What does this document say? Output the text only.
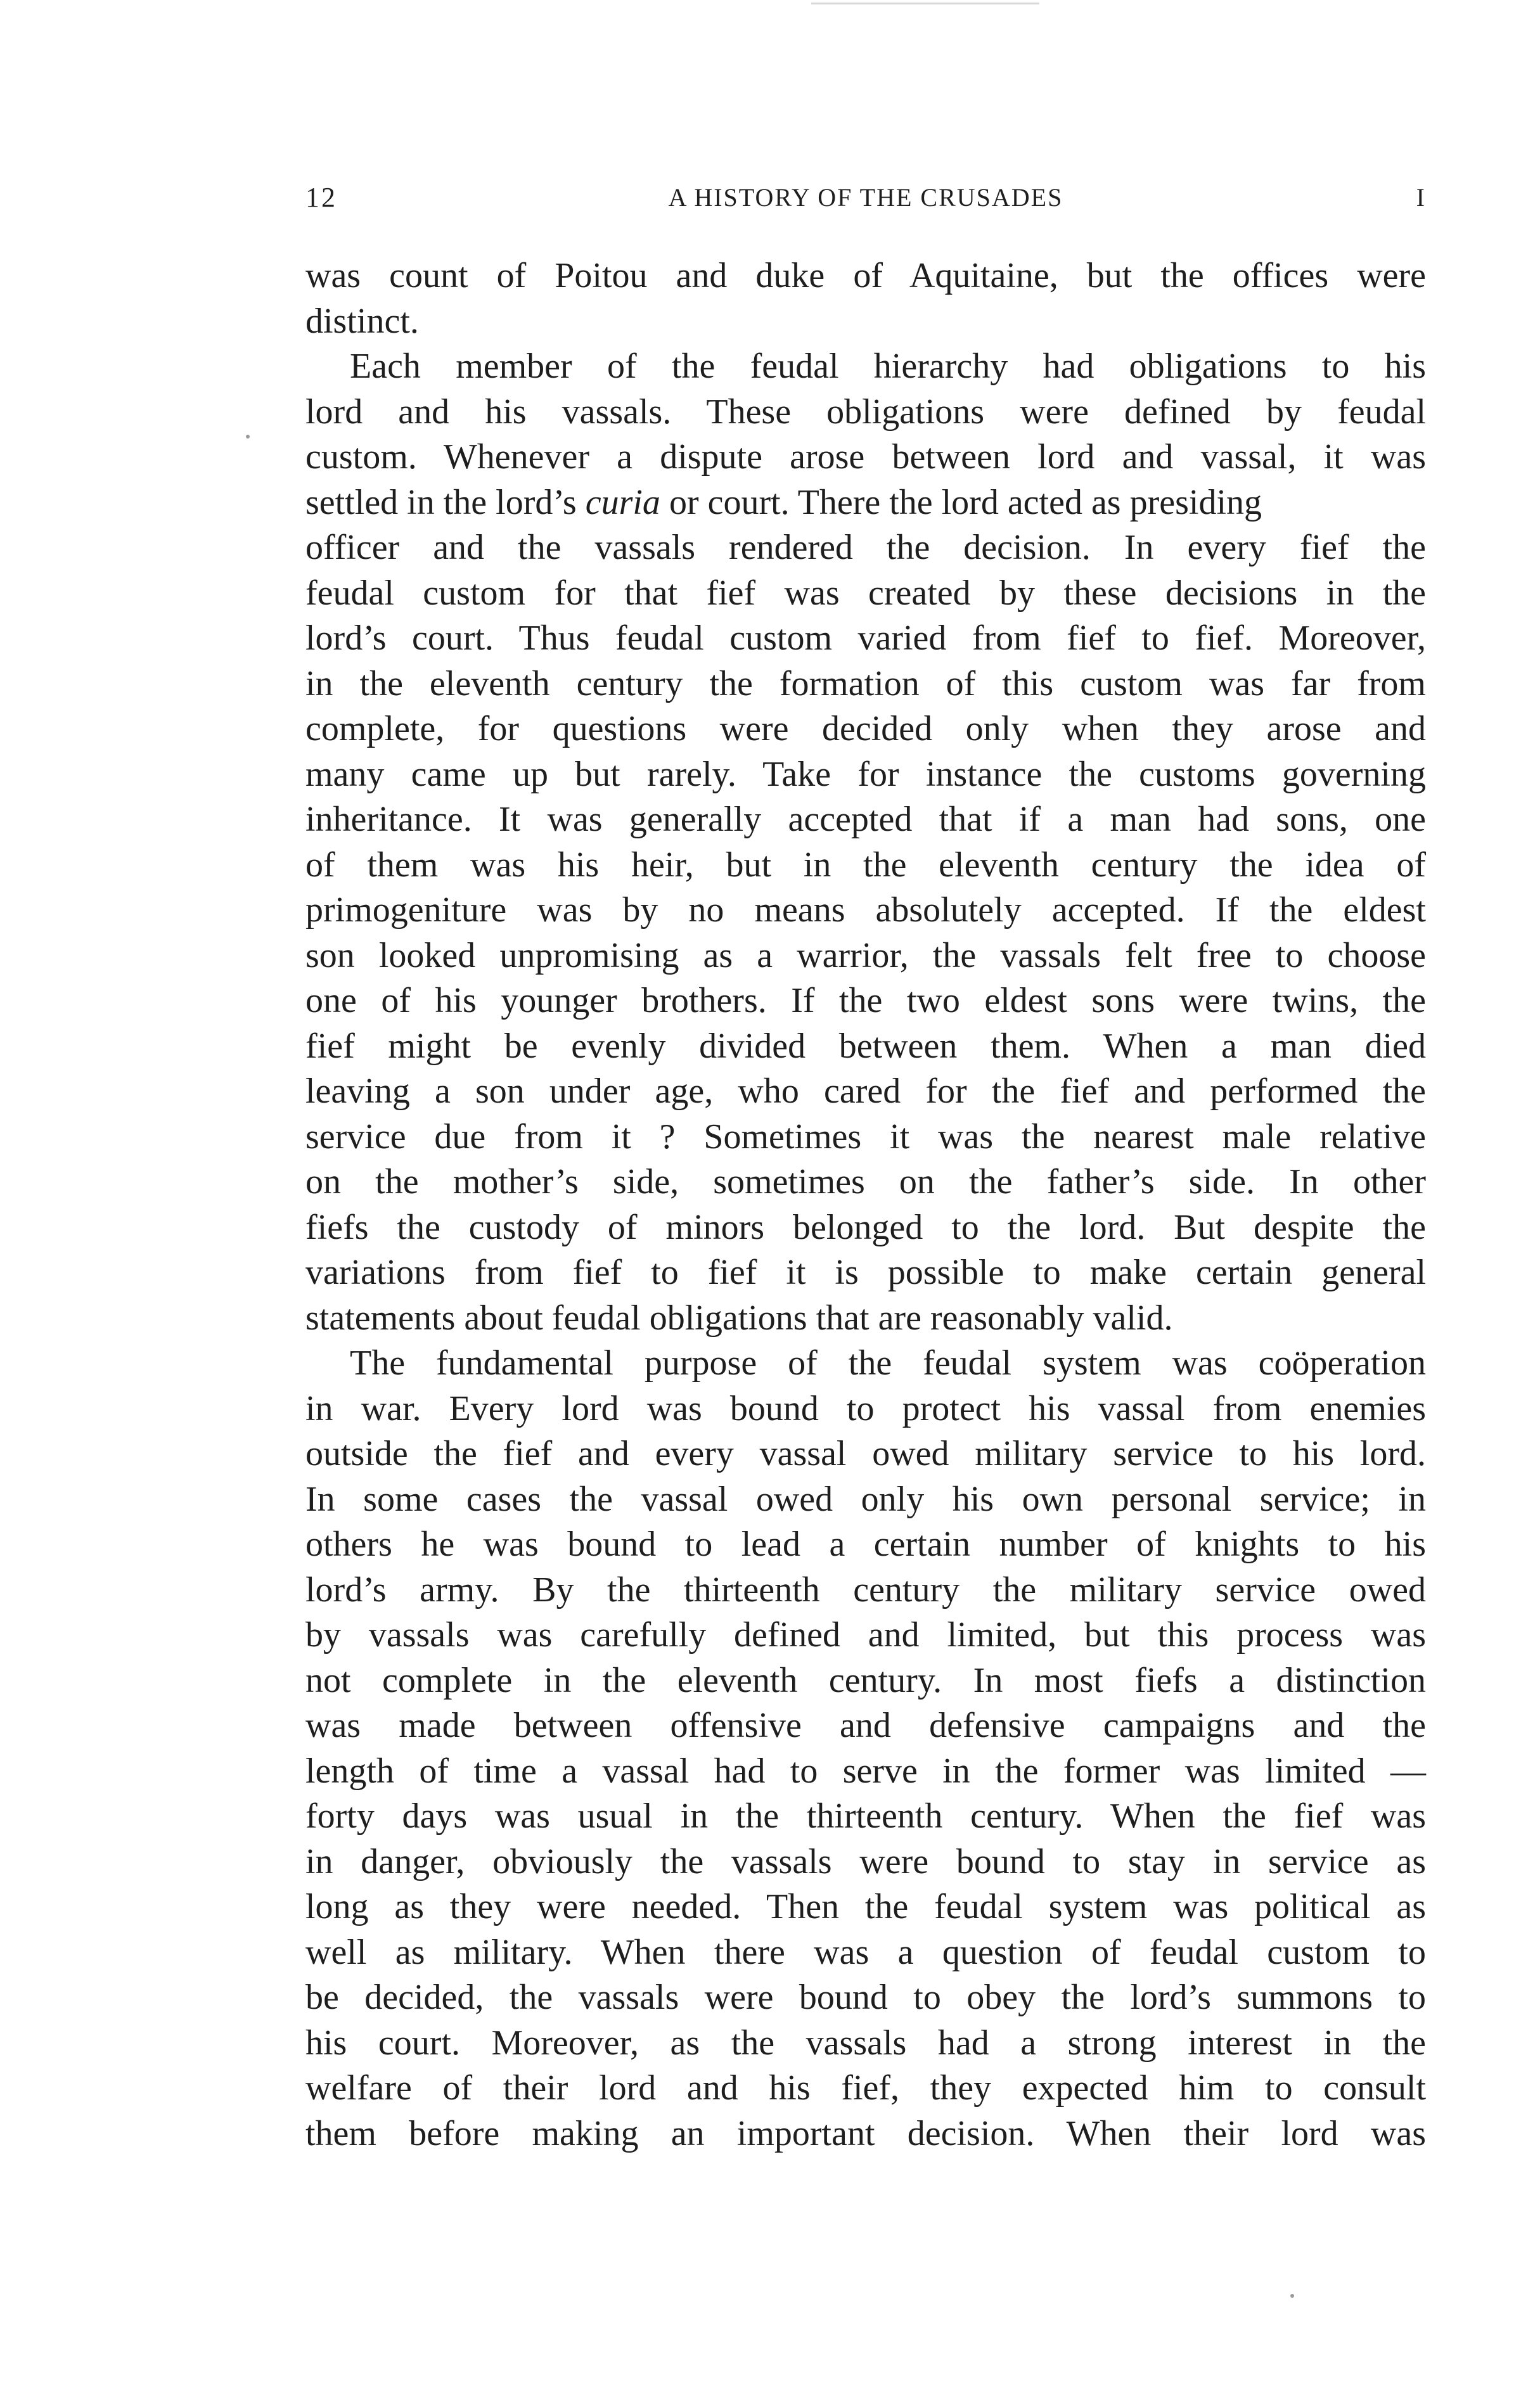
12	A HISTORY OF THE CRUSADES	I
was count of Poitou and duke of Aquitaine, but the offices were
distinct.
Each member of the feudal hierarchy had obligations to his
lord and his vassals. These obligations were defined by feudal
custom. Whenever a dispute arose between lord and vassal, it was
settled in the lord’s curia or court. There the lord acted as presiding
officer and the vassals rendered the decision. In every fief the
feudal custom for that fief was created by these decisions in the
lord’s court. Thus feudal custom varied from fief to fief. Moreover,
in the eleventh century the formation of this custom was far from
complete, for questions were decided only when they arose and
many came up but rarely. Take for instance the customs governing
inheritance. It was generally accepted that if a man had sons, one
of them was his heir, but in the eleventh century the idea of
primogeniture was by no means absolutely accepted. If the eldest
son looked unpromising as a warrior, the vassals felt free to choose
one of his younger brothers. If the two eldest sons were twins, the
fief might be evenly divided between them. When a man died
leaving a son under age, who cared for the fief and performed the
service due from it ? Sometimes it was the nearest male relative
on the mother’s side, sometimes on the father’s side. In other
fiefs the custody of minors belonged to the lord. But despite the
variations from fief to fief it is possible to make certain general
statements about feudal obligations that are reasonably valid.
The fundamental purpose of the feudal system was coöperation
in war. Every lord was bound to protect his vassal from enemies
outside the fief and every vassal owed military service to his lord.
In some cases the vassal owed only his own personal service; in
others he was bound to lead a certain number of knights to his
lord’s army. By the thirteenth century the military service owed
by vassals was carefully defined and limited, but this process was
not complete in the eleventh century. In most fiefs a distinction
was made between offensive and defensive campaigns and the
length of time a vassal had to serve in the former was limited —
forty days was usual in the thirteenth century. When the fief was
in danger, obviously the vassals were bound to stay in service as
long as they were needed. Then the feudal system was political as
well as military. When there was a question of feudal custom to
be decided, the vassals were bound to obey the lord’s summons to
his court. Moreover, as the vassals had a strong interest in the
welfare of their lord and his fief, they expected him to consult
them before making an important decision. When their lord was
